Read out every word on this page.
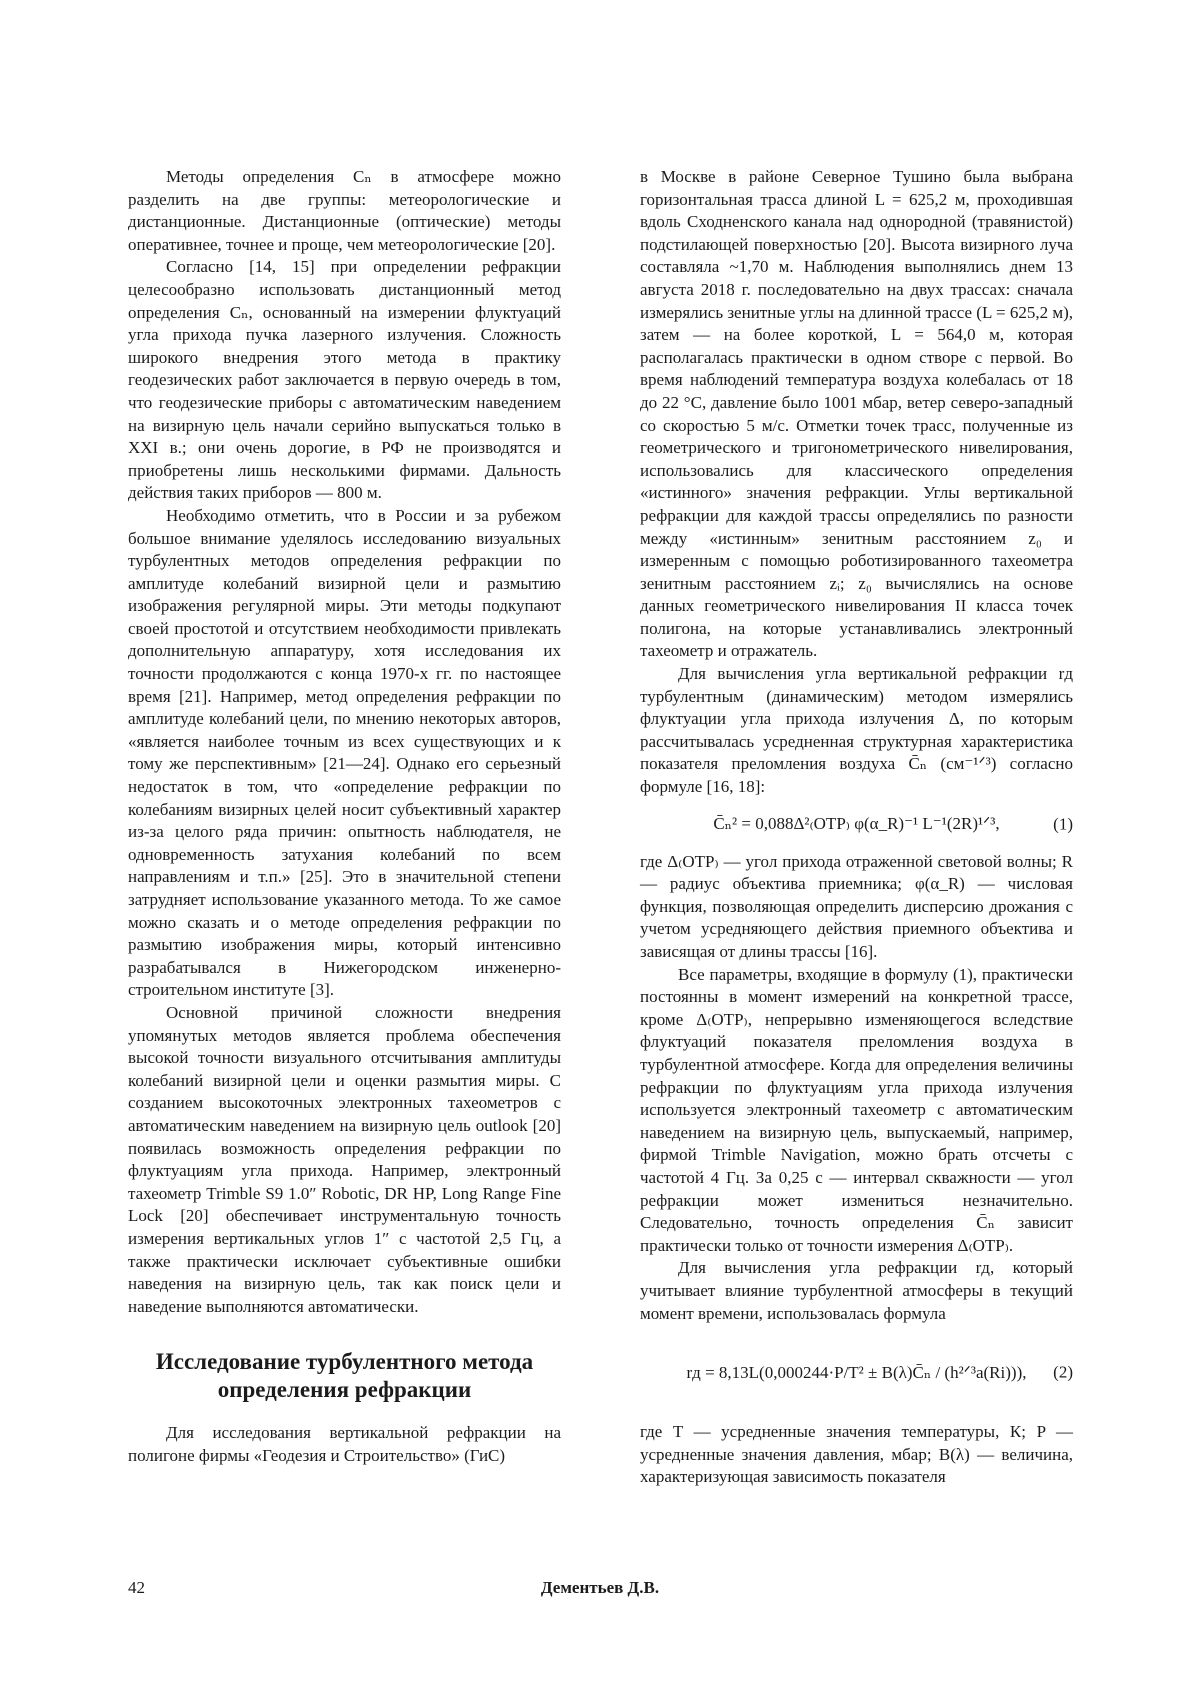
Методы определения Cₙ в атмосфере можно разделить на две группы: метеорологические и дистанционные. Дистанционные (оптические) методы оперативнее, точнее и проще, чем метеорологические [20].

Согласно [14, 15] при определении рефракции целесообразно использовать дистанционный метод определения Cₙ, основанный на измерении флуктуаций угла прихода пучка лазерного излучения. Сложность широкого внедрения этого метода в практику геодезических работ заключается в первую очередь в том, что геодезические приборы с автоматическим наведением на визирную цель начали серийно выпускаться только в XXI в.; они очень дорогие, в РФ не производятся и приобретены лишь несколькими фирмами. Дальность действия таких приборов — 800 м.

Необходимо отметить, что в России и за рубежом большое внимание уделялось исследованию визуальных турбулентных методов определения рефракции по амплитуде колебаний визирной цели и размытию изображения регулярной миры. Эти методы подкупают своей простотой и отсутствием необходимости привлекать дополнительную аппаратуру, хотя исследования их точности продолжаются с конца 1970-х гг. по настоящее время [21]. Например, метод определения рефракции по амплитуде колебаний цели, по мнению некоторых авторов, «является наиболее точным из всех существующих и к тому же перспективным» [21—24]. Однако его серьезный недостаток в том, что «определение рефракции по колебаниям визирных целей носит субъективный характер из-за целого ряда причин: опытность наблюдателя, не одновременность затухания колебаний по всем направлениям и т.п.» [25]. Это в значительной степени затрудняет использование указанного метода. То же самое можно сказать и о методе определения рефракции по размытию изображения миры, который интенсивно разрабатывался в Нижегородском инженерно-строительном институте [3].

Основной причиной сложности внедрения упомянутых методов является проблема обеспечения высокой точности визуального отсчитывания амплитуды колебаний визирной цели и оценки размытия миры. С созданием высокоточных электронных тахеометров с автоматическим наведением на визирную цель outlook [20] появилась возможность определения рефракции по флуктуациям угла прихода. Например, электронный тахеометр Trimble S9 1.0″ Robotic, DR HP, Long Range Fine Lock [20] обеспечивает инструментальную точность измерения вертикальных углов 1″ с частотой 2,5 Гц, а также практически исключает субъективные ошибки наведения на визирную цель, так как поиск цели и наведение выполняются автоматически.

Исследование турбулентного метода определения рефракции

Для исследования вертикальной рефракции на полигоне фирмы «Геодезия и Строительство» (ГиС)

в Москве в районе Северное Тушино была выбрана горизонтальная трасса длиной L = 625,2 м, проходившая вдоль Сходненского канала над однородной (травянистой) подстилающей поверхностью [20]. Высота визирного луча составляла ~1,70 м. Наблюдения выполнялись днем 13 августа 2018 г. последовательно на двух трассах: сначала измерялись зенитные углы на длинной трассе (L = 625,2 м), затем — на более короткой, L = 564,0 м, которая располагалась практически в одном створе с первой. Во время наблюдений температура воздуха колебалась от 18 до 22 °C, давление было 1001 мбар, ветер северо-западный со скоростью 5 м/с. Отметки точек трасс, полученные из геометрического и тригонометрического нивелирования, использовались для классического определения «истинного» значения рефракции. Углы вертикальной рефракции для каждой трассы определялись по разности между «истинным» зенитным расстоянием z₀ и измеренным с помощью роботизированного тахеометра зенитным расстоянием zᵢ; z₀ вычислялись на основе данных геометрического нивелирования II класса точек полигона, на которые устанавливались электронный тахеометр и отражатель.

Для вычисления угла вертикальной рефракции rд турбулентным (динамическим) методом измерялись флуктуации угла прихода излучения Δ, по которым рассчитывалась усредненная структурная характеристика показателя преломления воздуха C̄ₙ (см⁻¹ᐟ³) согласно формуле [16, 18]:

C̄ₙ² = 0,088Δ²₍ОТР₎ φ(α_R)⁻¹ L⁻¹(2R)¹ᐟ³,	(1)

где Δ₍ОТР₎ — угол прихода отраженной световой волны; R — радиус объектива приемника; φ(α_R) — числовая функция, позволяющая определить дисперсию дрожания с учетом усредняющего действия приемного объектива и зависящая от длины трассы [16].

Все параметры, входящие в формулу (1), практически постоянны в момент измерений на конкретной трассе, кроме Δ₍ОТР₎, непрерывно изменяющегося вследствие флуктуаций показателя преломления воздуха в турбулентной атмосфере. Когда для определения величины рефракции по флуктуациям угла прихода излучения используется электронный тахеометр с автоматическим наведением на визирную цель, выпускаемый, например, фирмой Trimble Navigation, можно брать отсчеты с частотой 4 Гц. За 0,25 с — интервал скважности — угол рефракции может измениться незначительно. Следовательно, точность определения C̄ₙ зависит практически только от точности измерения Δ₍ОТР₎.

Для вычисления угла рефракции rд, который учитывает влияние турбулентной атмосферы в текущий момент времени, использовалась формула

rд = 8,13L(0,000244·P/T² ± B(λ)C̄ₙ / (h²ᐟ³a(Ri))), (2)

где T — усредненные значения температуры, К; P — усредненные значения давления, мбар; B(λ) — величина, характеризующая зависимость показателя

42	Дементьев Д.В.
